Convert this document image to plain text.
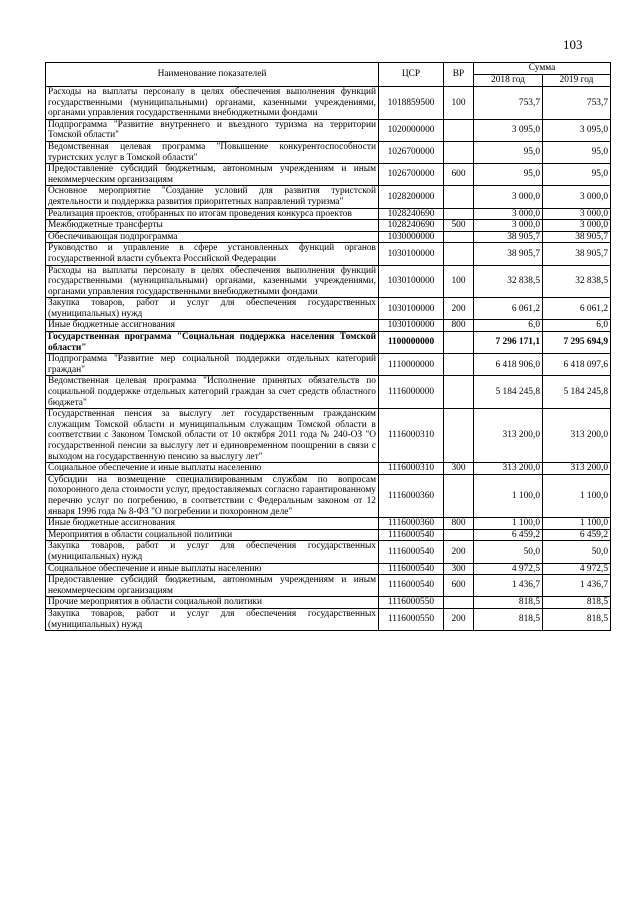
103
Наименование показателей	ЦСР	ВР	Сумма	
			2018 год	2019 год
Расходы на выплаты персоналу в целях обеспечения выполнения функций государственными (муниципальными) органами, казенными учреждениями, органами управления государственными внебюджетными фондами	1018859500	100	753,7	753,7
Подпрограмма "Развитие внутреннего и въездного туризма на территории Томской области"	1020000000		3 095,0	3 095,0
Ведомственная целевая программа "Повышение конкурентоспособности туристских услуг в Томской области"	1026700000		95,0	95,0
Предоставление субсидий бюджетным, автономным учреждениям и иным некоммерческим организациям	1026700000	600	95,0	95,0
Основное мероприятие "Создание условий для развития туристской деятельности и поддержка развития приоритетных направлений туризма"	1028200000		3 000,0	3 000,0
Реализация проектов, отобранных по итогам проведения конкурса проектов	1028240690		3 000,0	3 000,0
Межбюджетные трансферты	1028240690	500	3 000,0	3 000,0
Обеспечивающая подпрограмма	1030000000		38 905,7	38 905,7
Руководство и управление в сфере установленных функций органов государственной власти субъекта Российской Федерации	1030100000		38 905,7	38 905,7
Расходы на выплаты персоналу в целях обеспечения выполнения функций государственными (муниципальными) органами, казенными учреждениями, органами управления государственными внебюджетными фондами	1030100000	100	32 838,5	32 838,5
Закупка товаров, работ и услуг для обеспечения государственных (муниципальных) нужд	1030100000	200	6 061,2	6 061,2
Иные бюджетные ассигнования	1030100000	800	6,0	6,0
Государственная программа "Социальная поддержка населения Томской области"	1100000000		7 296 171,1	7 295 694,9
Подпрограмма "Развитие мер социальной поддержки отдельных категорий граждан"	1110000000		6 418 906,0	6 418 097,6
Ведомственная целевая программа "Исполнение принятых обязательств по социальной поддержке отдельных категорий граждан за счет средств областного бюджета"	1116000000		5 184 245,8	5 184 245,8
Государственная пенсия за выслугу лет государственным гражданским служащим Томской области и муниципальным служащим Томской области в соответствии с Законом Томской области от 10 октября 2011 года № 240-ОЗ "О государственной пенсии за выслугу лет и единовременном поощрении в связи с выходом на государственную пенсию за выслугу лет"	1116000310		313 200,0	313 200,0
Социальное обеспечение и иные выплаты населению	1116000310	300	313 200,0	313 200,0
Субсидии на возмещение специализированным службам по вопросам похоронного дела стоимости услуг, предоставляемых согласно гарантированному перечню услуг по погребению, в соответствии с Федеральным законом от 12 января 1996 года № 8-ФЗ "О погребении и похоронном деле"	1116000360		1 100,0	1 100,0
Иные бюджетные ассигнования	1116000360	800	1 100,0	1 100,0
Мероприятия в области социальной политики	1116000540		6 459,2	6 459,2
Закупка товаров, работ и услуг для обеспечения государственных (муниципальных) нужд	1116000540	200	50,0	50,0
Социальное обеспечение и иные выплаты населению	1116000540	300	4 972,5	4 972,5
Предоставление субсидий бюджетным, автономным учреждениям и иным некоммерческим организациям	1116000540	600	1 436,7	1 436,7
Прочие мероприятия в области социальной политики	1116000550		818,5	818,5
Закупка товаров, работ и услуг для обеспечения государственных (муниципальных) нужд	1116000550	200	818,5	818,5
